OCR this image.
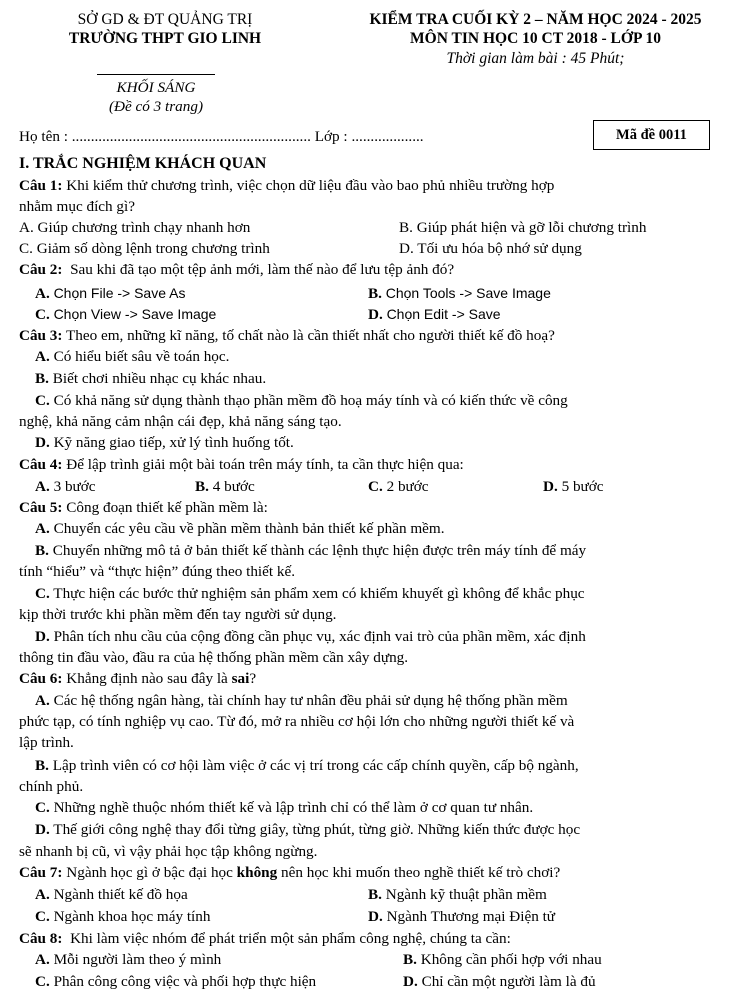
SỞ GD & ĐT QUẢNG TRỊ
TRƯỜNG THPT GIO LINH
KIỂM TRA CUỐI KỲ 2 – NĂM HỌC 2024 - 2025
MÔN TIN HỌC 10 CT 2018 - LỚP 10
Thời gian làm bài : 45 Phút;
KHỐI SÁNG
(Đề có 3 trang)
Họ tên : ............................................................... Lớp : ...................	Mã đề 0011
I. TRẮC NGHIỆM KHÁCH QUAN
Câu 1: Khi kiểm thử chương trình, việc chọn dữ liệu đầu vào bao phủ nhiều trường hợp
nhằm mục đích gì?
A. Giúp chương trình chạy nhanh hơn	B. Giúp phát hiện và gỡ lỗi chương trình
C. Giảm số dòng lệnh trong chương trình	D. Tối ưu hóa bộ nhớ sử dụng
Câu 2: Sau khi đã tạo một tệp ảnh mới, làm thế nào để lưu tệp ảnh đó?
A. Chọn File -> Save As	B. Chọn Tools -> Save Image
C. Chọn View -> Save Image	D. Chọn Edit -> Save
Câu 3: Theo em, những kĩ năng, tố chất nào là cần thiết nhất cho người thiết kế đồ hoạ?
A. Có hiểu biết sâu về toán học.
B. Biết chơi nhiều nhạc cụ khác nhau.
C. Có khả năng sử dụng thành thạo phần mềm đồ hoạ máy tính và có kiến thức về công
nghệ, khả năng cảm nhận cái đẹp, khả năng sáng tạo.
D. Kỹ năng giao tiếp, xử lý tình huống tốt.
Câu 4: Để lập trình giải một bài toán trên máy tính, ta cần thực hiện qua:
A. 3 bước	B. 4 bước	C. 2 bước	D. 5 bước
Câu 5: Công đoạn thiết kế phần mềm là:
A. Chuyển các yêu cầu về phần mềm thành bản thiết kế phần mềm.
B. Chuyển những mô tả ở bản thiết kế thành các lệnh thực hiện được trên máy tính để máy
tính “hiểu” và “thực hiện” đúng theo thiết kế.
C. Thực hiện các bước thử nghiệm sản phẩm xem có khiếm khuyết gì không để khắc phục
kịp thời trước khi phần mềm đến tay người sử dụng.
D. Phân tích nhu cầu của cộng đồng cần phục vụ, xác định vai trò của phần mềm, xác định
thông tin đầu vào, đầu ra của hệ thống phần mềm cần xây dựng.
Câu 6: Khẳng định nào sau đây là sai?
A. Các hệ thống ngân hàng, tài chính hay tư nhân đều phải sử dụng hệ thống phần mềm
phức tạp, có tính nghiệp vụ cao. Từ đó, mở ra nhiều cơ hội lớn cho những người thiết kế và
lập trình.
B. Lập trình viên có cơ hội làm việc ở các vị trí trong các cấp chính quyền, cấp bộ ngành,
chính phủ.
C. Những nghề thuộc nhóm thiết kế và lập trình chỉ có thể làm ở cơ quan tư nhân.
D. Thế giới công nghệ thay đổi từng giây, từng phút, từng giờ. Những kiến thức được học
sẽ nhanh bị cũ, vì vậy phải học tập không ngừng.
Câu 7: Ngành học gì ở bậc đại học không nên học khi muốn theo nghề thiết kế trò chơi?
A. Ngành thiết kế đồ họa	B. Ngành kỹ thuật phần mềm
C. Ngành khoa học máy tính	D. Ngành Thương mại Điện tử
Câu 8: Khi làm việc nhóm để phát triển một sản phẩm công nghệ, chúng ta cần:
A. Mỗi người làm theo ý mình	B. Không cần phối hợp với nhau
C. Phân công công việc và phối hợp thực hiện	D. Chỉ cần một người làm là đủ
